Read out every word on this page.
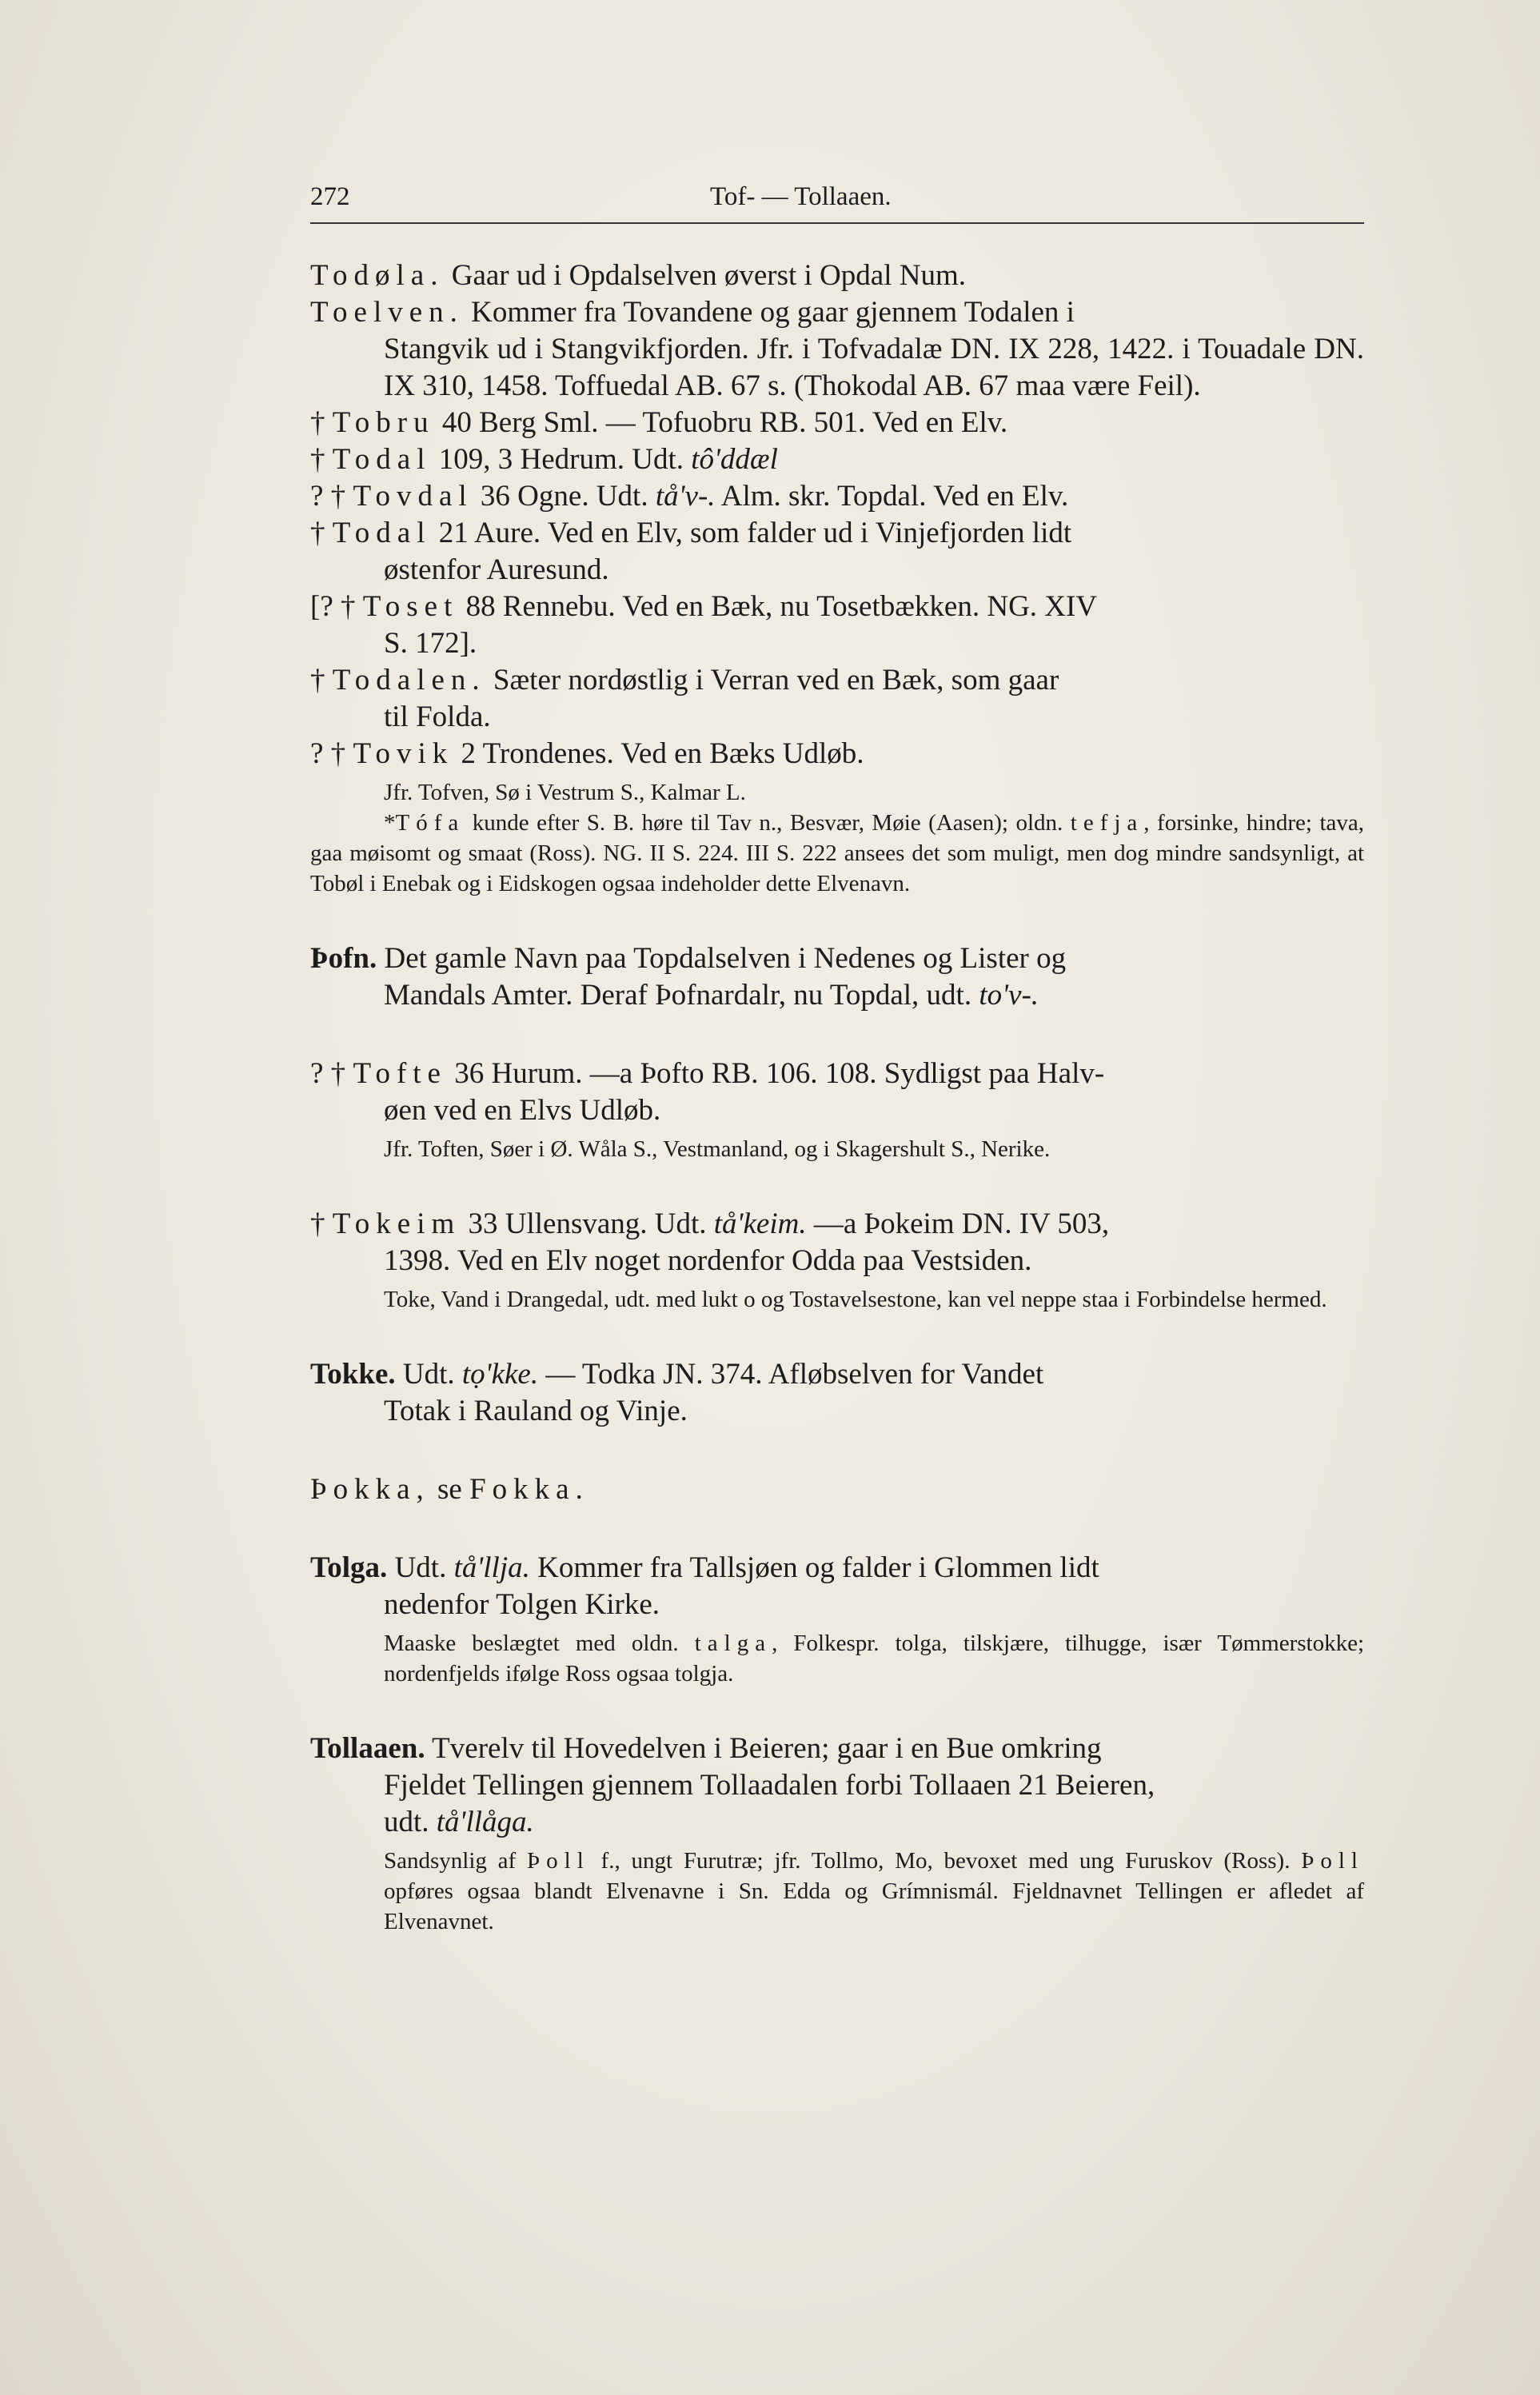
272	Tof- — Tollaaen.
Todøla. Gaar ud i Opdalselven øverst i Opdal Num.
Toelven. Kommer fra Tovandene og gaar gjennem Todalen i
Stangvik ud i Stangvikfjorden. Jfr. i Tofvadalæ DN. IX 228, 1422. i Touadale DN. IX 310, 1458. Toffuedal AB. 67 s. (Thokodal AB. 67 maa være Feil).
† Tobru 40 Berg Sml. — Tofuobru RB. 501. Ved en Elv.
† Todal 109, 3 Hedrum. Udt. tô'ddæl
? † Tovdal 36 Ogne. Udt. tå'v-. Alm. skr. Topdal. Ved en Elv.
† Todal 21 Aure. Ved en Elv, som falder ud i Vinjefjorden lidt
østenfor Auresund.
[? † Toset 88 Rennebu. Ved en Bæk, nu Tosetbækken. NG. XIV
S. 172].
† Todalen. Sæter nordøstlig i Verran ved en Bæk, som gaar
til Folda.
? † Tovik 2 Trondenes. Ved en Bæks Udløb.
Jfr. Tofven, Sø i Vestrum S., Kalmar L.
*Tófa kunde efter S. B. høre til Tav n., Besvær, Møie (Aasen); oldn. tefja, forsinke, hindre; tava, gaa møisomt og smaat (Ross). NG. II S. 224. III S. 222 ansees det som muligt, men dog mindre sandsynligt, at Tobøl i Enebak og i Eidskogen ogsaa indeholder dette Elvenavn.
Þofn. Det gamle Navn paa Topdalselven i Nedenes og Lister og
Mandals Amter. Deraf Þofnardalr, nu Topdal, udt. to'v-.
? † Tofte 36 Hurum. —a Þofto RB. 106. 108. Sydligst paa Halv-
øen ved en Elvs Udløb.
Jfr. Toften, Søer i Ø. Wåla S., Vestmanland, og i Skagershult S., Nerike.
† Tokeim 33 Ullensvang. Udt. tå'keim. —a Þokeim DN. IV 503,
1398. Ved en Elv noget nordenfor Odda paa Vestsiden.
Toke, Vand i Drangedal, udt. med lukt o og Tostavelsestone, kan vel neppe staa i Forbindelse hermed.
Tokke. Udt. tọ'kke. — Todka JN. 374. Afløbselven for Vandet
Totak i Rauland og Vinje.
Þokka, se Fokka.
Tolga. Udt. tå'llja. Kommer fra Tallsjøen og falder i Glommen lidt
nedenfor Tolgen Kirke.
Maaske beslægtet med oldn. talga, Folkespr. tolga, tilskjære, tilhugge, især Tømmerstokke; nordenfjelds ifølge Ross ogsaa tolgja.
Tollaaen. Tverelv til Hovedelven i Beieren; gaar i en Bue omkring
Fjeldet Tellingen gjennem Tollaadalen forbi Tollaaen 21 Beieren,
udt. tå'llåga.
Sandsynlig af Þoll f., ungt Furutræ; jfr. Tollmo, Mo, bevoxet med ung Furuskov (Ross). Þoll opføres ogsaa blandt Elvenavne i Sn. Edda og Grímnismál. Fjeldnavnet Tellingen er afledet af Elvenavnet.
